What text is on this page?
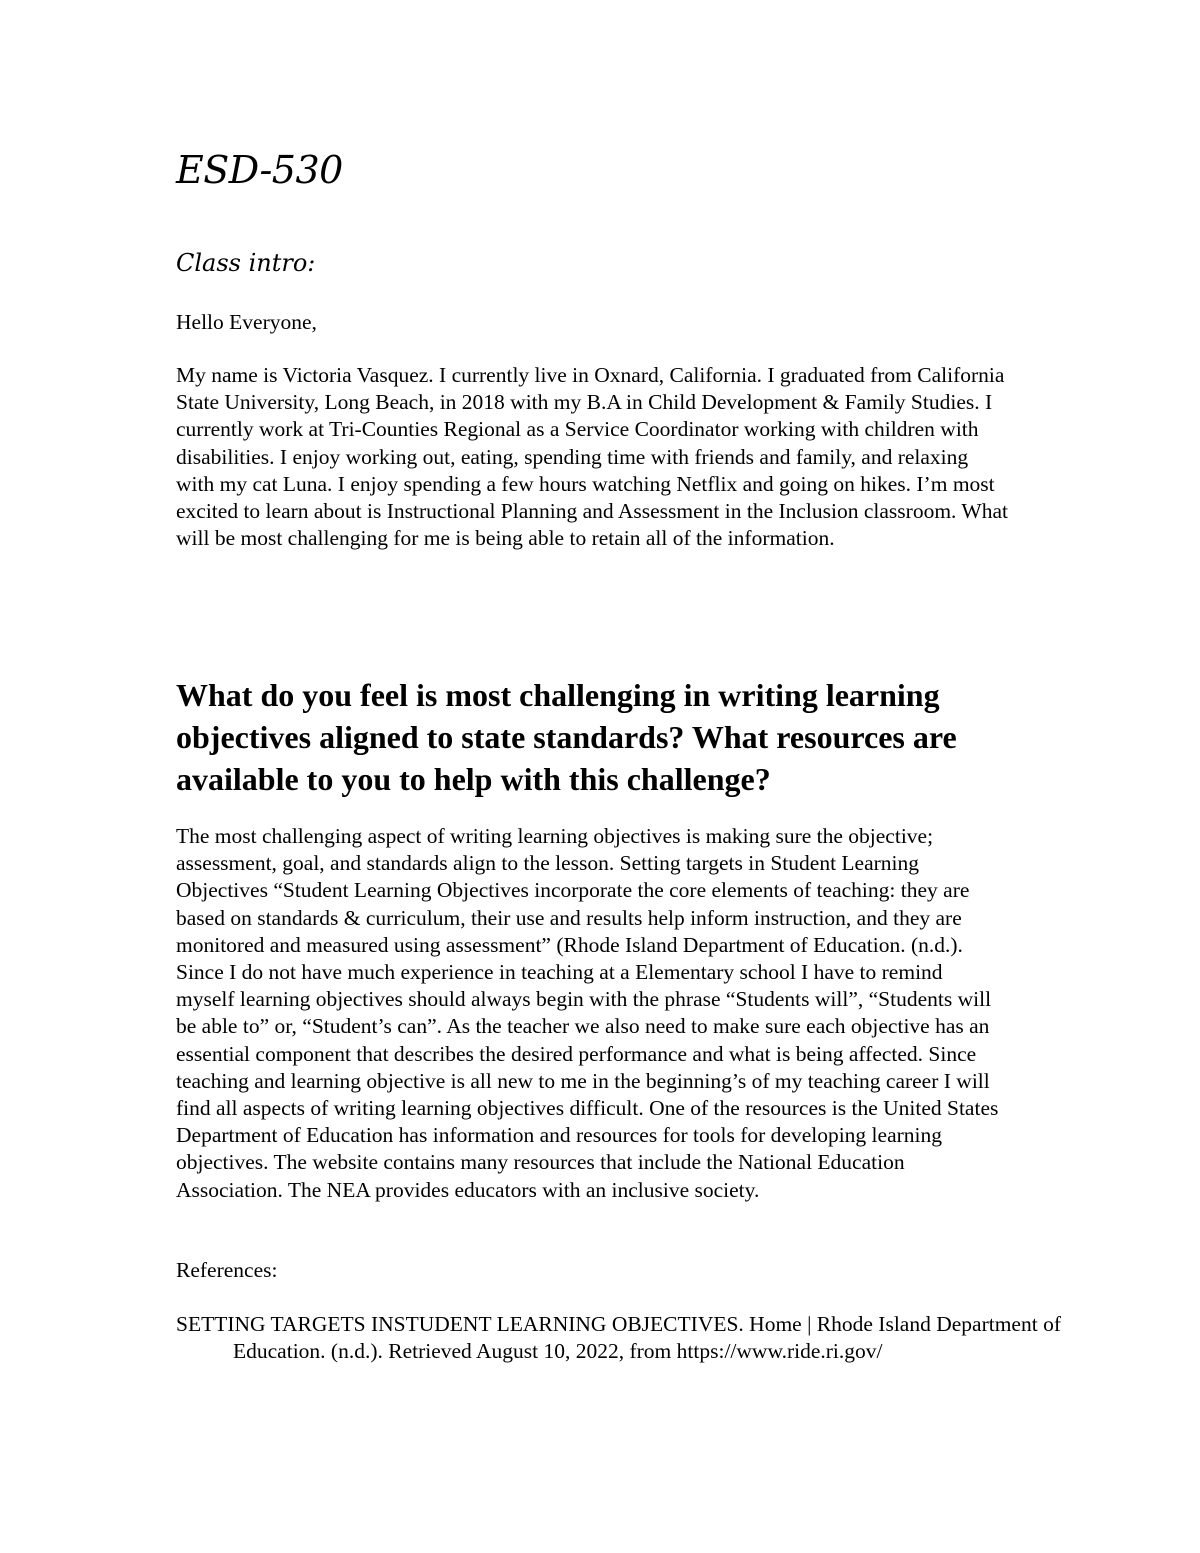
ESD-530
Class intro:

Hello Everyone,

My name is Victoria Vasquez. I currently live in Oxnard, California. I graduated from California State University, Long Beach, in 2018 with my B.A in Child Development & Family Studies. I currently work at Tri-Counties Regional as a Service Coordinator working with children with disabilities. I enjoy working out, eating, spending time with friends and family, and relaxing with my cat Luna. I enjoy spending a few hours watching Netflix and going on hikes. I’m most excited to learn about is Instructional Planning and Assessment in the Inclusion classroom. What will be most challenging for me is being able to retain all of the information.

What do you feel is most challenging in writing learning objectives aligned to state standards? What resources are available to you to help with this challenge?

The most challenging aspect of writing learning objectives is making sure the objective; assessment, goal, and standards align to the lesson. Setting targets in Student Learning Objectives “Student Learning Objectives incorporate the core elements of teaching: they are based on standards & curriculum, their use and results help inform instruction, and they are monitored and measured using assessment” (Rhode Island Department of Education. (n.d.). Since I do not have much experience in teaching at a Elementary school I have to remind myself learning objectives should always begin with the phrase “Students will”, “Students will be able to” or, “Student’s can”. As the teacher we also need to make sure each objective has an essential component that describes the desired performance and what is being affected. Since teaching and learning objective is all new to me in the beginning’s of my teaching career I will find all aspects of writing learning objectives difficult. One of the resources is the United States Department of Education has information and resources for tools for developing learning objectives. The website contains many resources that include the National Education Association. The NEA provides educators with an inclusive society.

References:

SETTING TARGETS INSTUDENT LEARNING OBJECTIVES. Home | Rhode Island Department of Education. (n.d.). Retrieved August 10, 2022, from https://www.ride.ri.gov/
